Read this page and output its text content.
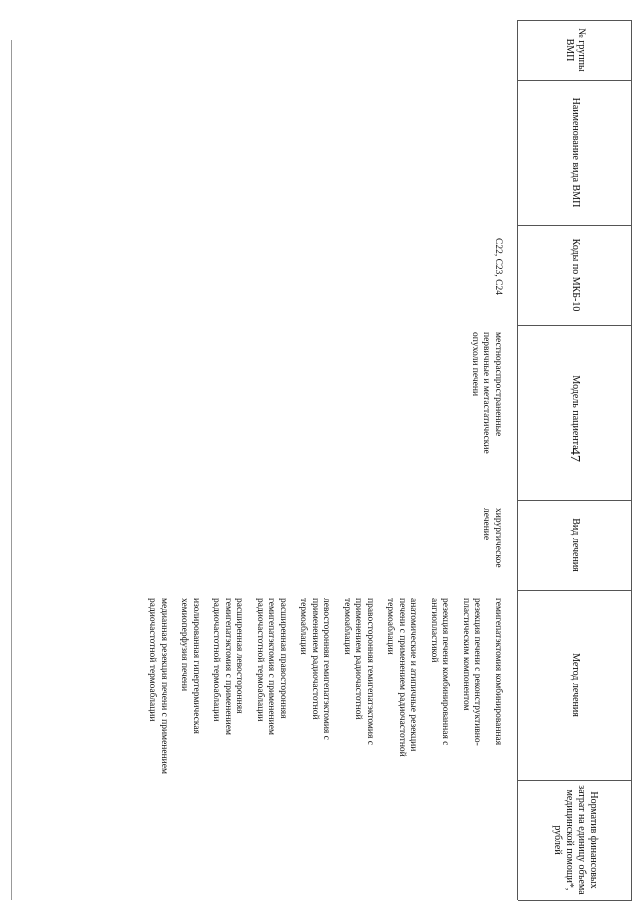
47
№ группы ВМП
Наименование вида ВМП
Коды по МКБ-10
Модель пациента
Вид лечения
Метод лечения
Норматив финансовых затрат на единицу объема медицинской помощи*, рублей
С22, С23, С24
местнораспространенные первичные и метастатические опухоли печени
хирургическое лечение
гемигепатэктомия комбинированная
резекция печени с реконструктивно-пластическим компонентом
резекция печени комбинированная с ангиопластикой
анатомические и атипичные резекции печени с применением радиочастотной термоаблации
правосторонняя гемигепатэктомия с применением радиочастотной термоаблации
левосторонняя гемигепатэктомия с применением радиочастотной термоаблации
расширенная правосторонняя гемигепатэктомия с применением радиочастотной термоаблации
расширенная левосторонняя гемигепатэктомия с применением радиочастотной термоаблации
изолированная гипертермическая хемиоперфузия печени
медианная резекция печени с применением радиочастотной термоаблации
